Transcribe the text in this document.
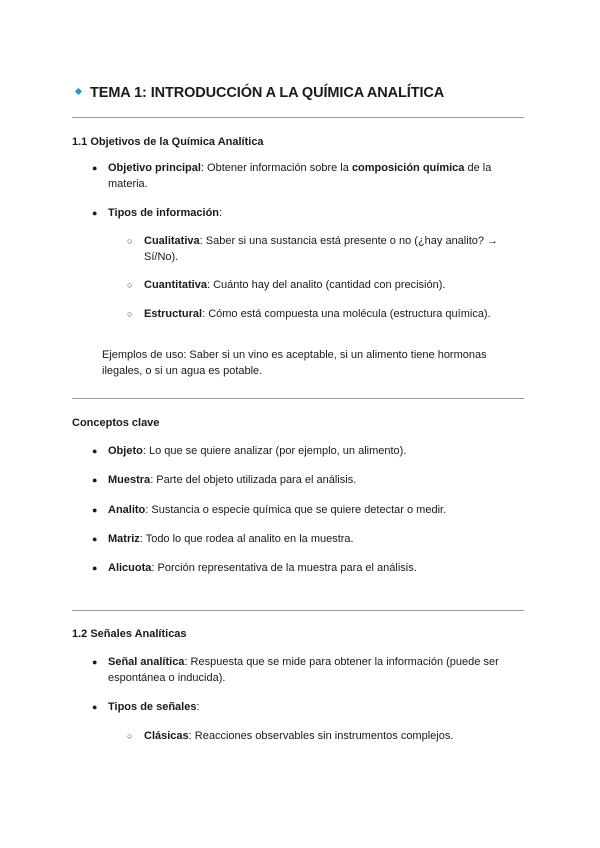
TEMA 1: INTRODUCCIÓN A LA QUÍMICA ANALÍTICA
1.1 Objetivos de la Química Analítica
● Objetivo principal: Obtener información sobre la composición química de la materia.
● Tipos de información:
○ Cualitativa: Saber si una sustancia está presente o no (¿hay analito? → Sí/No).
○ Cuantitativa: Cuánto hay del analito (cantidad con precisión).
○ Estructural: Cómo está compuesta una molécula (estructura química).
Ejemplos de uso: Saber si un vino es aceptable, si un alimento tiene hormonas ilegales, o si un agua es potable.
Conceptos clave
● Objeto: Lo que se quiere analizar (por ejemplo, un alimento).
● Muestra: Parte del objeto utilizada para el análisis.
● Analito: Sustancia o especie química que se quiere detectar o medir.
● Matriz: Todo lo que rodea al analito en la muestra.
● Alicuota: Porción representativa de la muestra para el análisis.
1.2 Señales Analíticas
● Señal analítica: Respuesta que se mide para obtener la información (puede ser espontánea o inducida).
● Tipos de señales:
○ Clásicas: Reacciones observables sin instrumentos complejos.
